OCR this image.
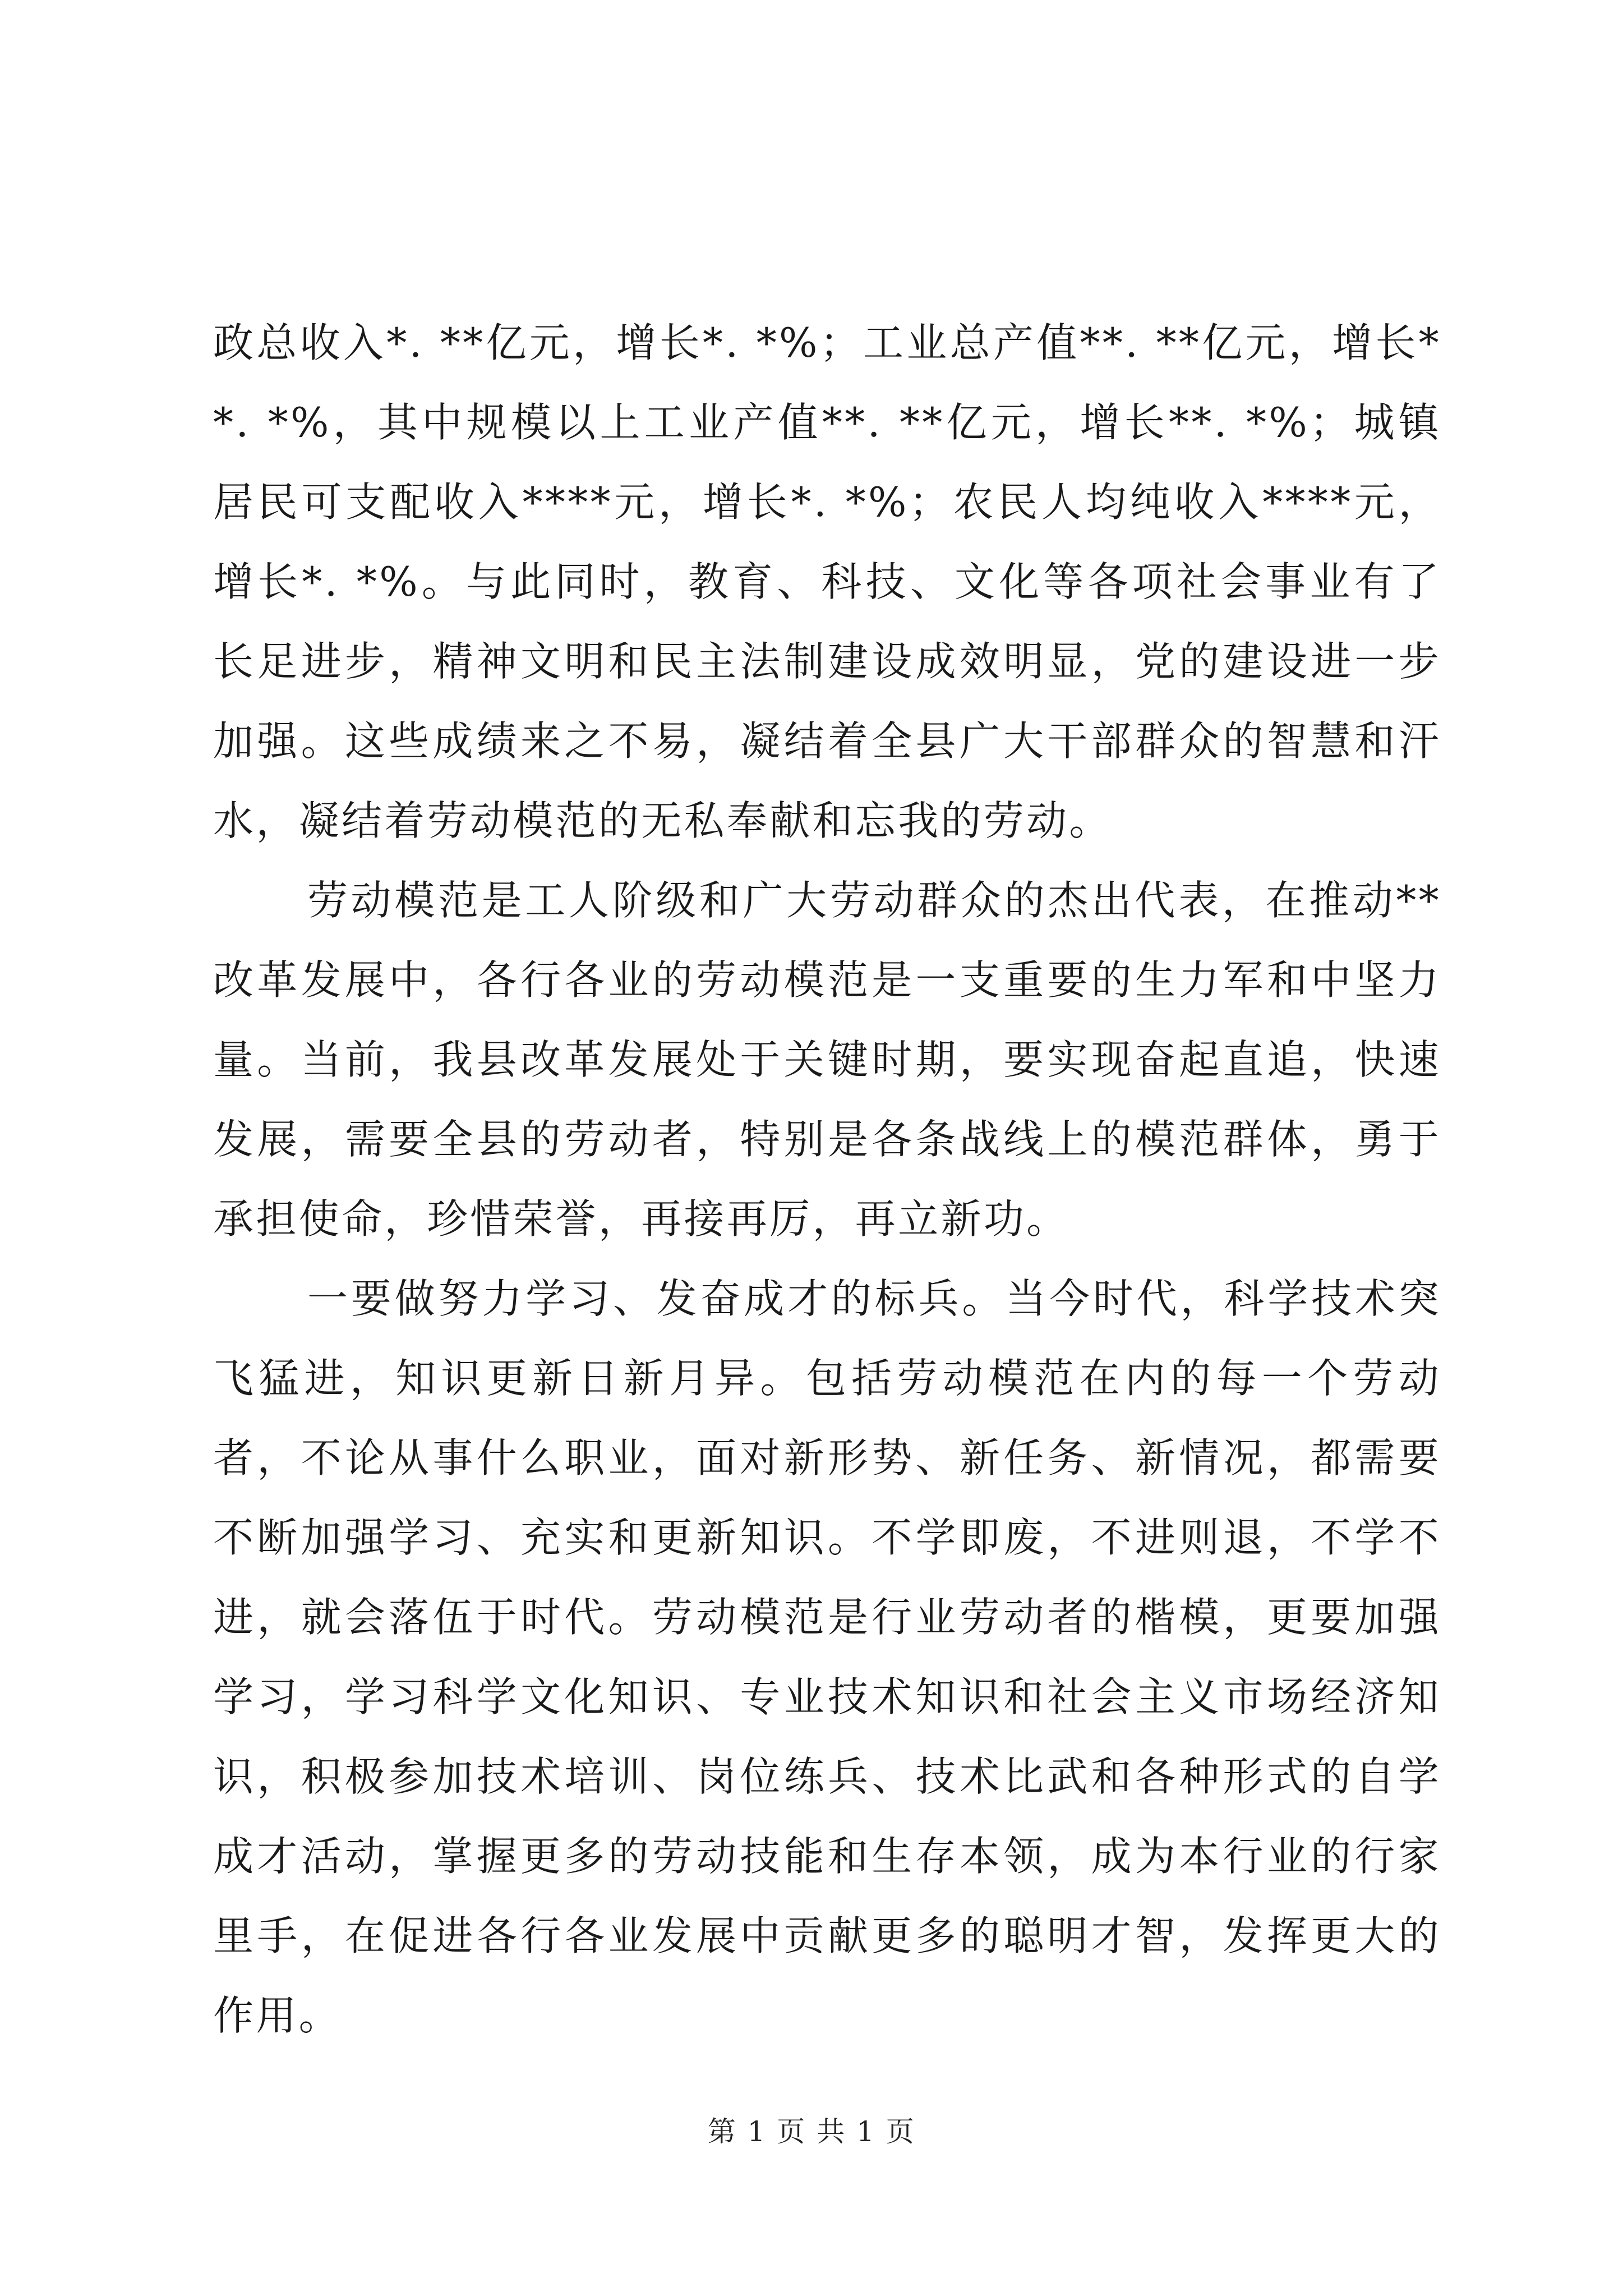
政总收入*. **亿元，增长*. *%；工业总产值**. **亿元，增长**. *%，其中规模以上工业产值**. **亿元，增长**. *%；城镇居民可支配收入****元，增长*. *%；农民人均纯收入****元，增长*. *%。与此同时，教育、科技、文化等各项社会事业有了长足进步，精神文明和民主法制建设成效明显，党的建设进一步加强。这些成绩来之不易，凝结着全县广大干部群众的智慧和汗水，凝结着劳动模范的无私奉献和忘我的劳动。

劳动模范是工人阶级和广大劳动群众的杰出代表，在推动**改革发展中，各行各业的劳动模范是一支重要的生力军和中坚力量。当前，我县改革发展处于关键时期，要实现奋起直追，快速发展，需要全县的劳动者，特别是各条战线上的模范群体，勇于承担使命，珍惜荣誉，再接再厉，再立新功。

一要做努力学习、发奋成才的标兵。当今时代，科学技术突飞猛进，知识更新日新月异。包括劳动模范在内的每一个劳动者，不论从事什么职业，面对新形势、新任务、新情况，都需要不断加强学习、充实和更新知识。不学即废，不进则退，不学不进，就会落伍于时代。劳动模范是行业劳动者的楷模，更要加强学习，学习科学文化知识、专业技术知识和社会主义市场经济知识，积极参加技术培训、岗位练兵、技术比武和各种形式的自学成才活动，掌握更多的劳动技能和生存本领，成为本行业的行家里手，在促进各行各业发展中贡献更多的聪明才智，发挥更大的作用。

第 1 页 共 1 页
